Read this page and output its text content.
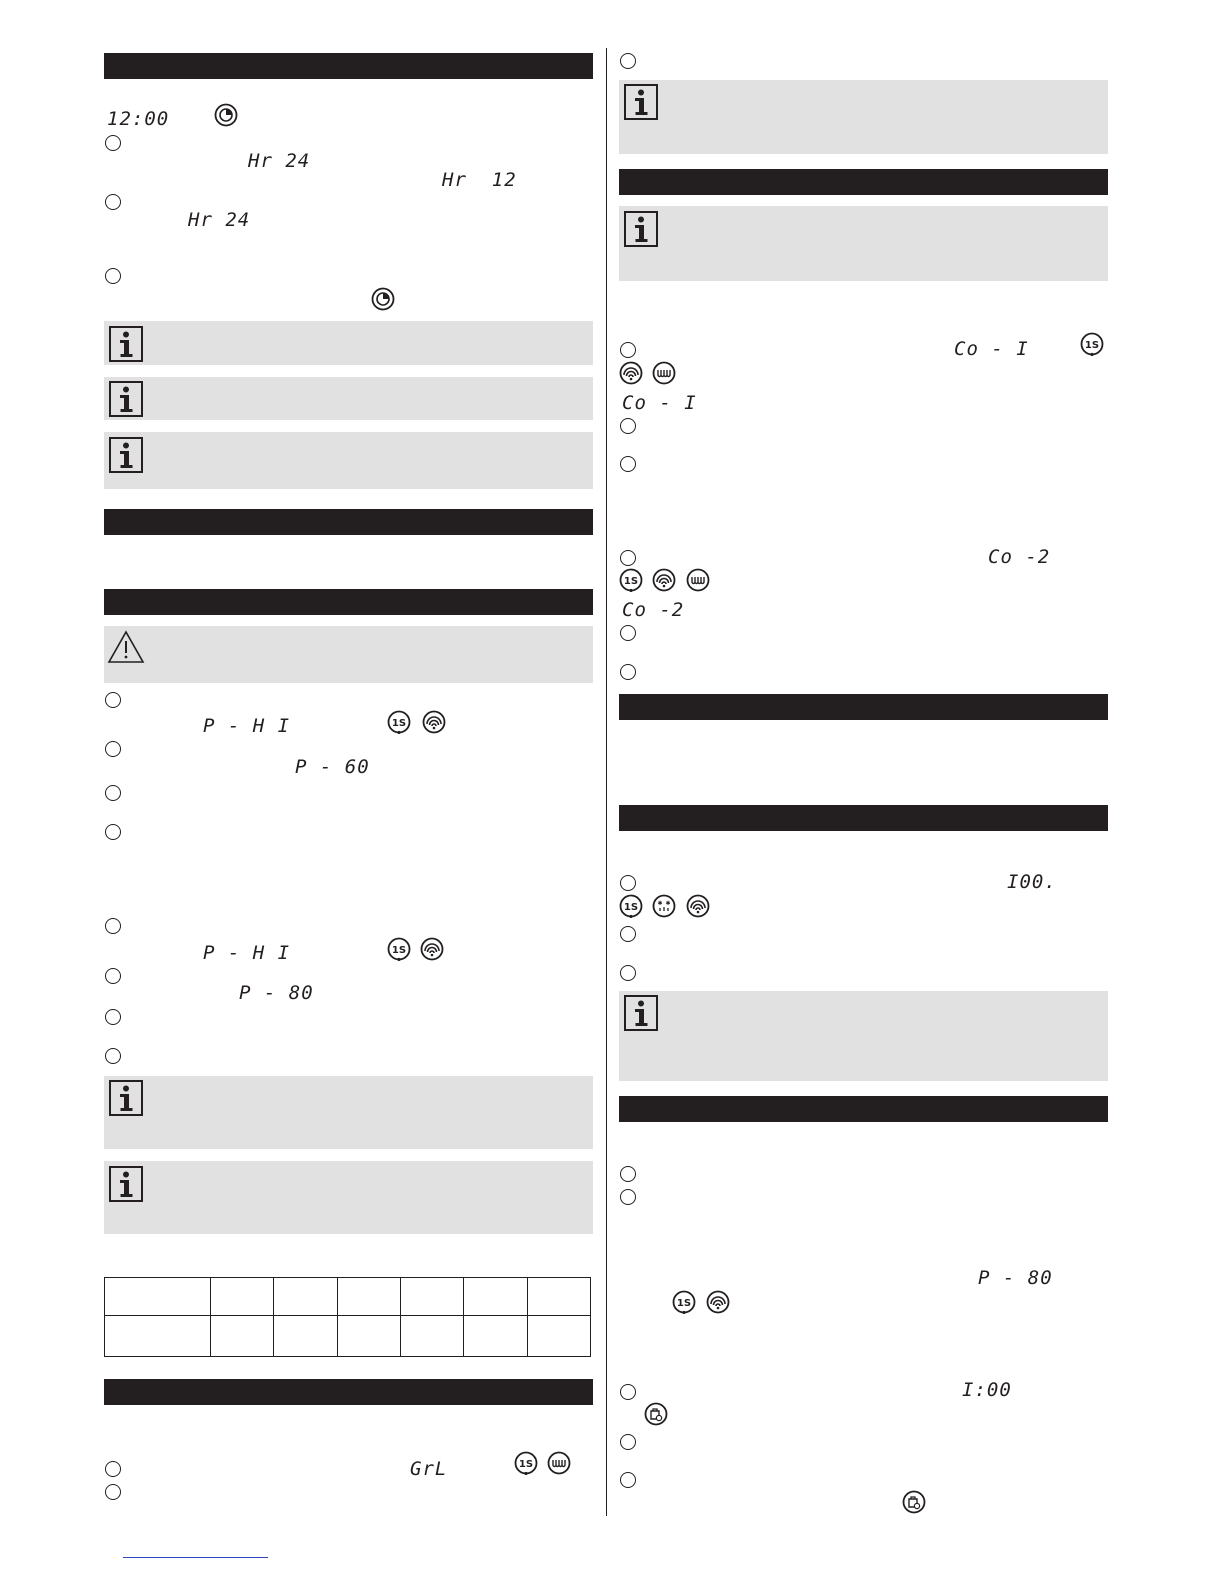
12:00
Hr 24
Hr  12
Hr 24
P - H I
P - 60
P - H I
P - 80

GrL
Co - I
Co - I
Co -2
Co -2
I00.
P - 80
I:00
